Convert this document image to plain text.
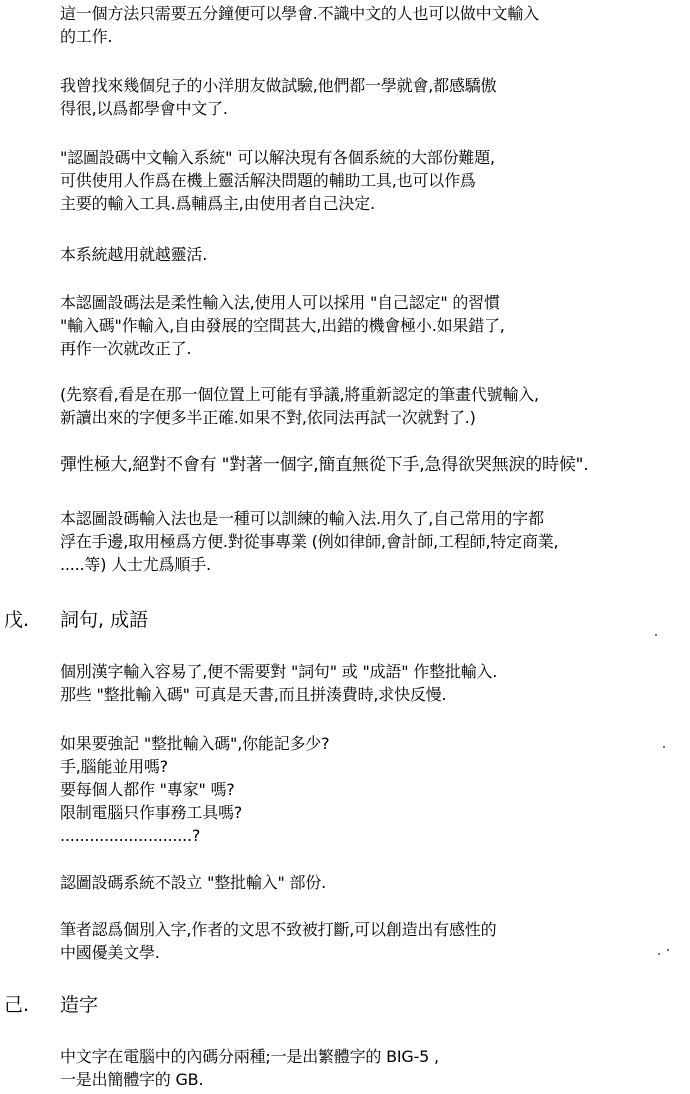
這一個方法只需要五分鐘便可以學會.不識中文的人也可以做中文輸入
的工作.
我曾找來幾個兒子的小洋朋友做試驗,他們都一學就會,都感驕傲
得很,以爲都學會中文了.
"認圖設碼中文輸入系統" 可以解決現有各個系統的大部份難題,
可供使用人作爲在機上靈活解決問題的輔助工具,也可以作爲
主要的輸入工具.爲輔爲主,由使用者自己決定.
本系統越用就越靈活.
本認圖設碼法是柔性輸入法,使用人可以採用 "自己認定" 的習慣
"輸入碼"作輸入,自由發展的空間甚大,出錯的機會極小.如果錯了,
再作一次就改正了.
(先察看,看是在那一個位置上可能有爭議,將重新認定的筆畫代號輸入,
新讀出來的字便多半正確.如果不對,依同法再試一次就對了.)
彈性極大,絕對不會有 "對著一個字,簡直無從下手,急得欲哭無淚的時候".
本認圖設碼輸入法也是一種可以訓練的輸入法.用久了,自己常用的字都
浮在手邊,取用極爲方便.對從事專業 (例如律師,會計師,工程師,特定商業,
.....等) 人士尤爲順手.
戊. 詞句, 成語
個別漢字輸入容易了,便不需要對 "詞句" 或 "成語" 作整批輸入.
那些 "整批輸入碼" 可真是天書,而且拼湊費時,求快反慢.
如果要強記 "整批輸入碼",你能記多少?
手,腦能並用嗎?
要每個人都作 "專家" 嗎?
限制電腦只作事務工具嗎?
...........................?
認圖設碼系統不設立 "整批輸入" 部份.
筆者認爲個別入字,作者的文思不致被打斷,可以創造出有感性的
中國優美文學.
己. 造字
中文字在電腦中的內碼分兩種;一是出繁體字的 BIG-5 ,
一是出簡體字的 GB.
